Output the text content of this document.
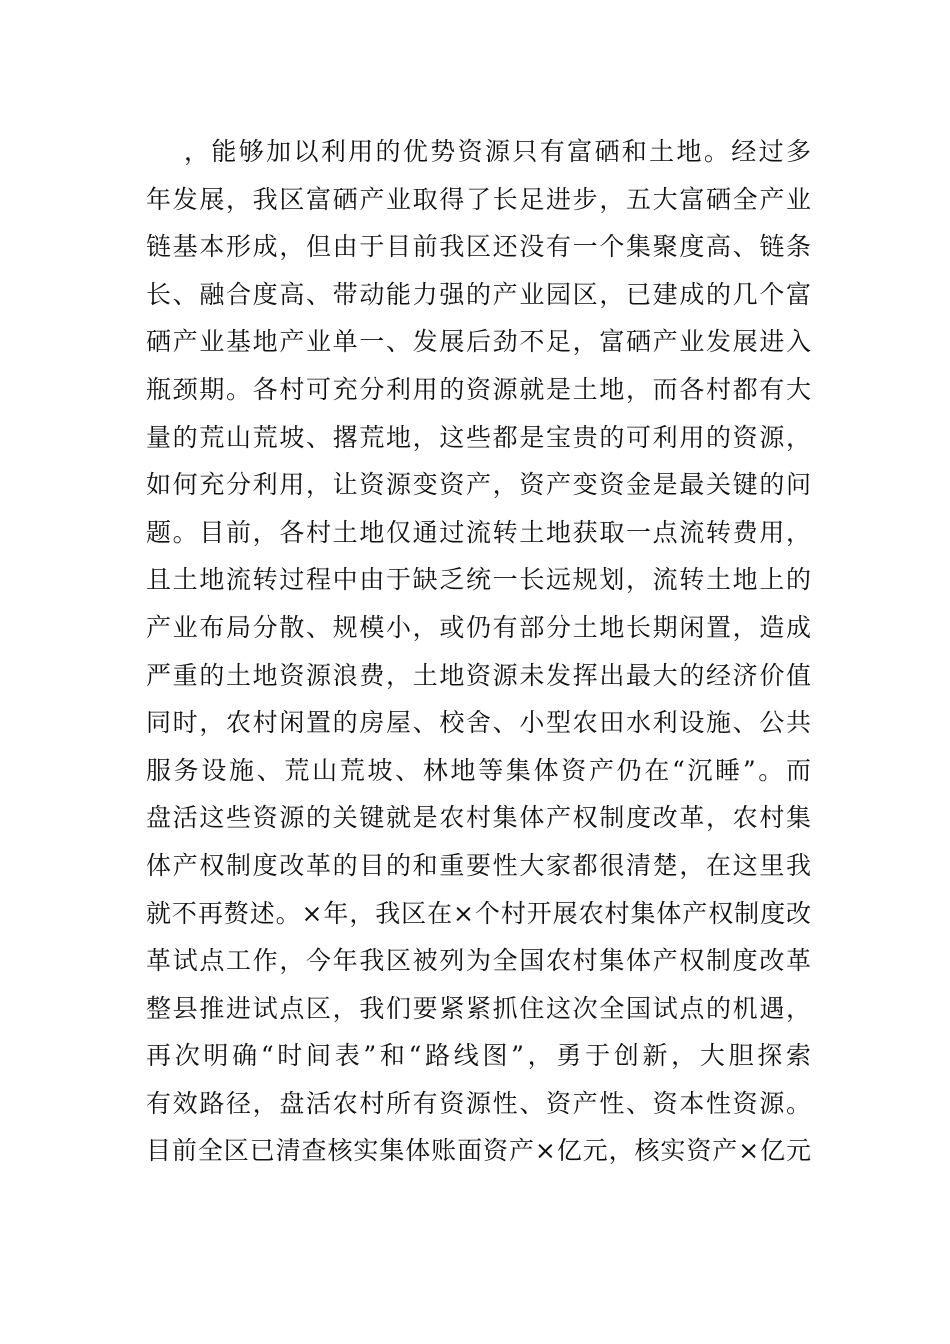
，能够加以利用的优势资源只有富硒和土地。经过多
年发展，我区富硒产业取得了长足进步，五大富硒全产业
链基本形成，但由于目前我区还没有一个集聚度高、链条
长、融合度高、带动能力强的产业园区，已建成的几个富
硒产业基地产业单一、发展后劲不足，富硒产业发展进入
瓶颈期。各村可充分利用的资源就是土地，而各村都有大
量的荒山荒坡、撂荒地，这些都是宝贵的可利用的资源，
如何充分利用，让资源变资产，资产变资金是最关键的问
题。目前，各村土地仅通过流转土地获取一点流转费用，
且土地流转过程中由于缺乏统一长远规划，流转土地上的
产业布局分散、规模小，或仍有部分土地长期闲置，造成
严重的土地资源浪费，土地资源未发挥出最大的经济价值
同时，农村闲置的房屋、校舍、小型农田水利设施、公共
服务设施、荒山荒坡、林地等集体资产仍在“沉睡”。而
盘活这些资源的关键就是农村集体产权制度改革，农村集
体产权制度改革的目的和重要性大家都很清楚，在这里我
就不再赘述。×年，我区在×个村开展农村集体产权制度改
革试点工作，今年我区被列为全国农村集体产权制度改革
整县推进试点区，我们要紧紧抓住这次全国试点的机遇，
再次明确“时间表”和“路线图”，勇于创新，大胆探索
有效路径，盘活农村所有资源性、资产性、资本性资源。
目前全区已清查核实集体账面资产×亿元，核实资产×亿元
